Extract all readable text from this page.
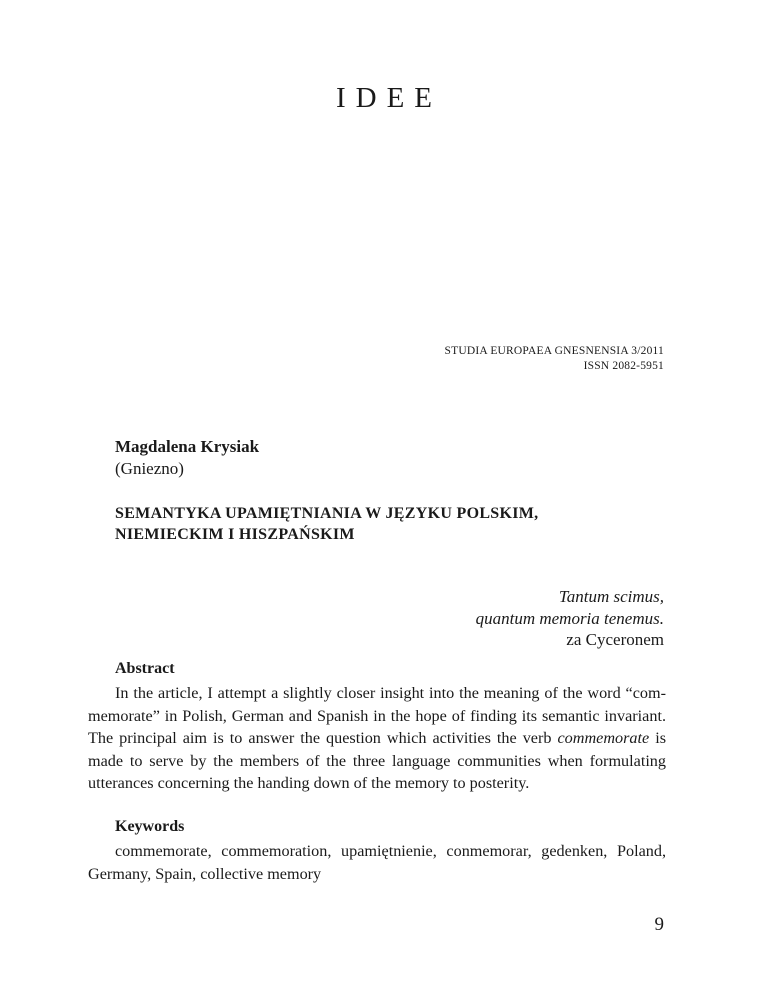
IDEE
STUDIA EUROPAEA GNESNENSIA 3/2011
ISSN 2082-5951
Magdalena Krysiak
(Gniezno)
SEMANTYKA UPAMIĘTNIANIA W JĘZYKU POLSKIM,
NIEMIECKIM I HISZPAŃSKIM
Tantum scimus,
quantum memoria tenemus.
za Cyceronem
Abstract
In the article, I attempt a slightly closer insight into the meaning of the word “com-
memorate” in Polish, German and Spanish in the hope of finding its semantic invariant.
The principal aim is to answer the question which activities the verb commemorate is
made to serve by the members of the three language communities when formulating
utterances concerning the handing down of the memory to posterity.
Keywords
commemorate, commemoration, upamiętnienie, conmemorar, gedenken, Poland,
Germany, Spain, collective memory
9
